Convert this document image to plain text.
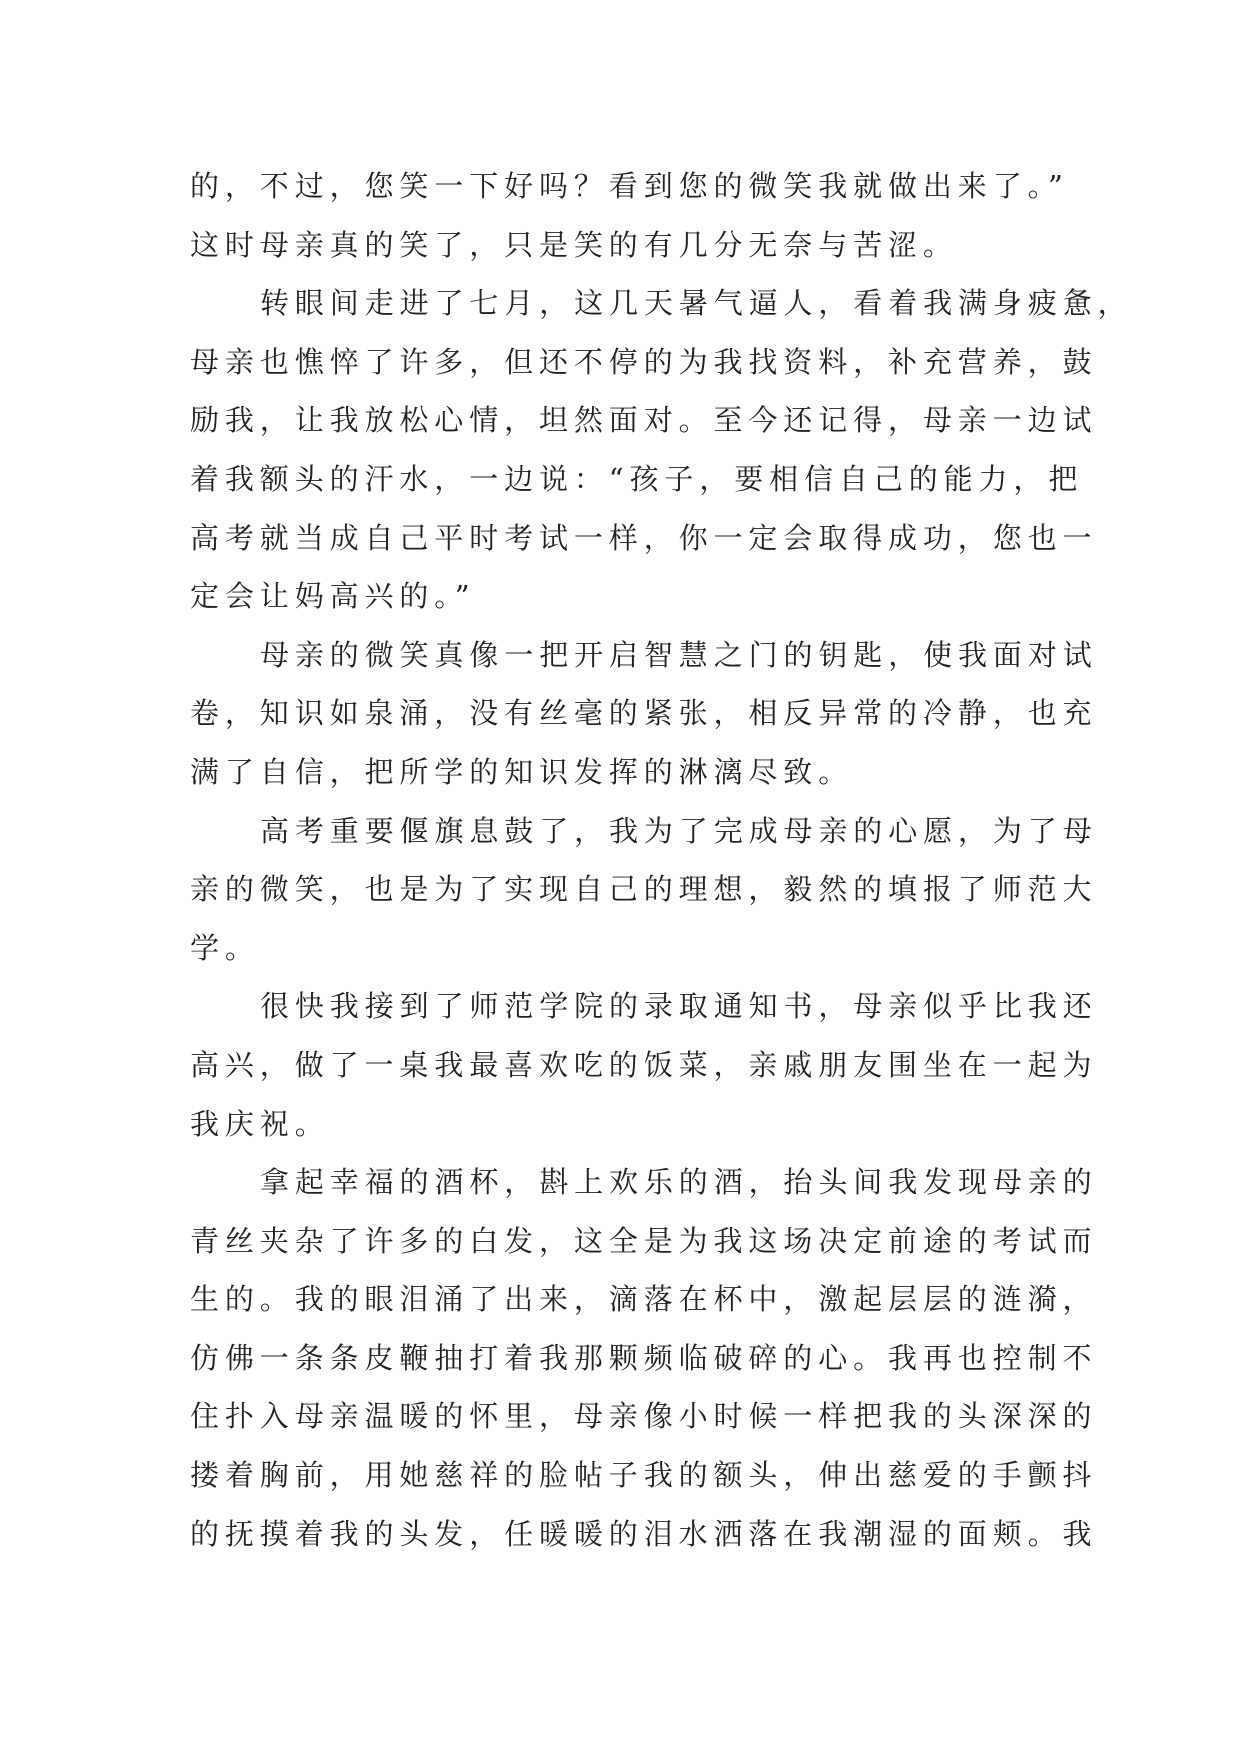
的，不过，您笑一下好吗？看到您的微笑我就做出来了。”
这时母亲真的笑了，只是笑的有几分无奈与苦涩。
转眼间走进了七月，这几天暑气逼人，看着我满身疲惫，
母亲也憔悴了许多，但还不停的为我找资料，补充营养，鼓
励我，让我放松心情，坦然面对。至今还记得，母亲一边试
着我额头的汗水，一边说：“孩子，要相信自己的能力，把
高考就当成自己平时考试一样，你一定会取得成功，您也一
定会让妈高兴的。”
母亲的微笑真像一把开启智慧之门的钥匙，使我面对试
卷，知识如泉涌，没有丝毫的紧张，相反异常的冷静，也充
满了自信，把所学的知识发挥的淋漓尽致。
高考重要偃旗息鼓了，我为了完成母亲的心愿，为了母
亲的微笑，也是为了实现自己的理想，毅然的填报了师范大
学。
很快我接到了师范学院的录取通知书，母亲似乎比我还
高兴，做了一桌我最喜欢吃的饭菜，亲戚朋友围坐在一起为
我庆祝。
拿起幸福的酒杯，斟上欢乐的酒，抬头间我发现母亲的
青丝夹杂了许多的白发，这全是为我这场决定前途的考试而
生的。我的眼泪涌了出来，滴落在杯中，激起层层的涟漪，
仿佛一条条皮鞭抽打着我那颗频临破碎的心。我再也控制不
住扑入母亲温暖的怀里，母亲像小时候一样把我的头深深的
搂着胸前，用她慈祥的脸帖子我的额头，伸出慈爱的手颤抖
的抚摸着我的头发，任暖暖的泪水洒落在我潮湿的面颊。我
